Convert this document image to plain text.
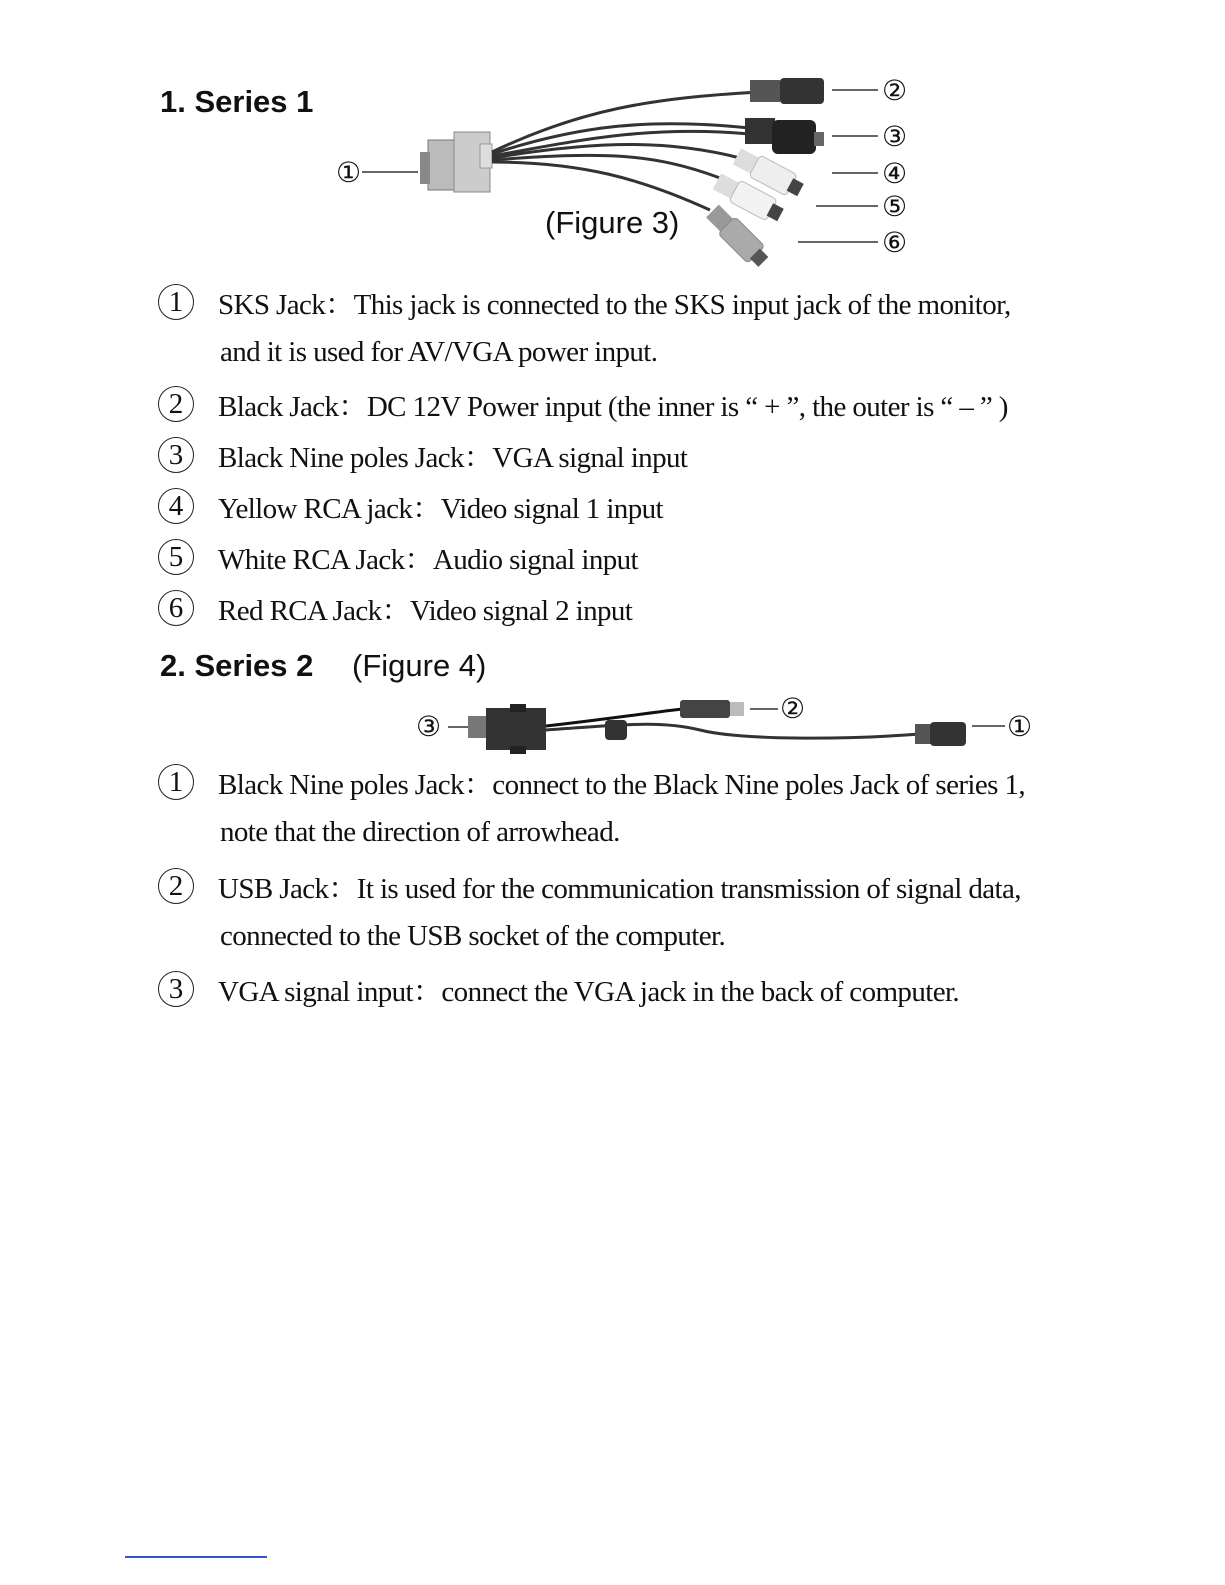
1. Series 1
①
②
③
④
⑤
⑥
(Figure 3)
1	SKS Jack：This jack is connected to the SKS input jack of the monitor,
and it is used for AV/VGA power input.
2	Black Jack：DC 12V Power input (the inner is “ + ”, the outer is “ – ” )
3	Black Nine poles Jack：VGA signal input
4	Yellow RCA jack：Video signal 1 input
5	White RCA Jack：Audio signal input
6	Red RCA Jack：Video signal 2 input
2. Series 2 (Figure 4)
③
②
①
1	Black Nine poles Jack：connect to the Black Nine poles Jack of series 1,
note that the direction of arrowhead.
2	USB Jack：It is used for the communication transmission of signal data,
connected to the USB socket of the computer.
3	VGA signal input：connect the VGA jack in the back of computer.
